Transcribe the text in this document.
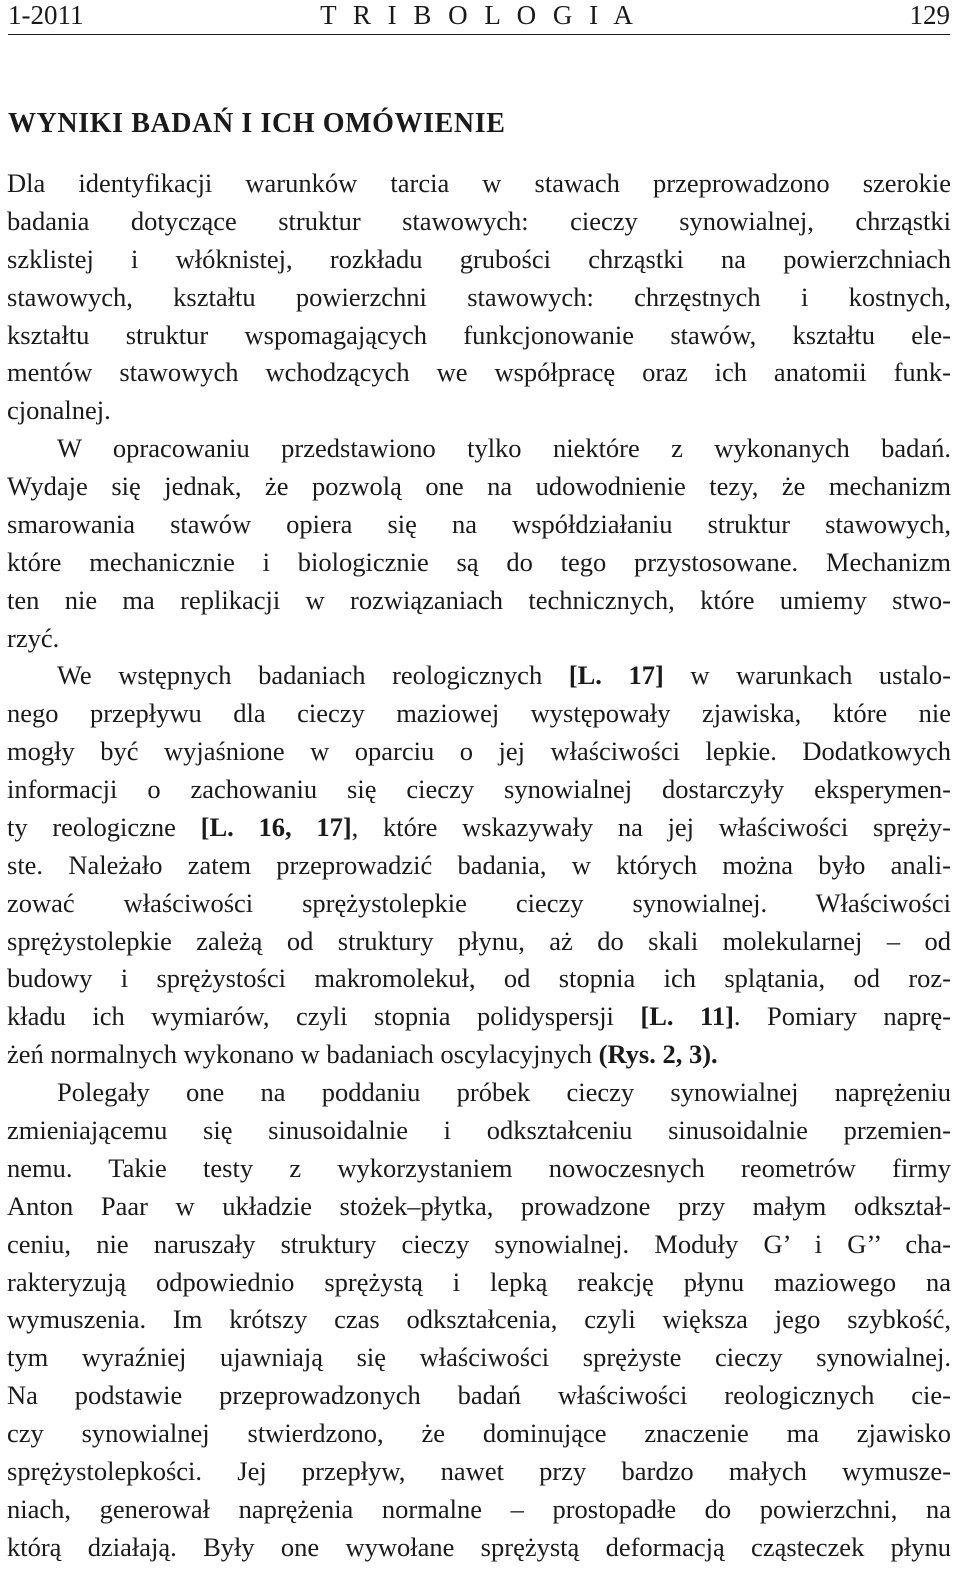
1-2011	T R I B O L O G I A	129
WYNIKI BADAŃ I ICH OMÓWIENIE
Dla identyfikacji warunków tarcia w stawach przeprowadzono szerokie
badania dotyczące struktur stawowych: cieczy synowialnej, chrząstki
szklistej i włóknistej, rozkładu grubości chrząstki na powierzchniach
stawowych, kształtu powierzchni stawowych: chrzęstnych i kostnych,
kształtu struktur wspomagających funkcjonowanie stawów, kształtu ele-
mentów stawowych wchodzących we współpracę oraz ich anatomii funk-
cjonalnej.
W opracowaniu przedstawiono tylko niektóre z wykonanych badań.
Wydaje się jednak, że pozwolą one na udowodnienie tezy, że mechanizm
smarowania stawów opiera się na współdziałaniu struktur stawowych,
które mechanicznie i biologicznie są do tego przystosowane. Mechanizm
ten nie ma replikacji w rozwiązaniach technicznych, które umiemy stwo-
rzyć.
We wstępnych badaniach reologicznych [L. 17] w warunkach ustalo-
nego przepływu dla cieczy maziowej występowały zjawiska, które nie
mogły być wyjaśnione w oparciu o jej właściwości lepkie. Dodatkowych
informacji o zachowaniu się cieczy synowialnej dostarczyły eksperymen-
ty reologiczne [L. 16, 17], które wskazywały na jej właściwości spręży-
ste. Należało zatem przeprowadzić badania, w których można było anali-
zować właściwości sprężystolepkie cieczy synowialnej. Właściwości
sprężystolepkie zależą od struktury płynu, aż do skali molekularnej – od
budowy i sprężystości makromolekuł, od stopnia ich splątania, od roz-
kładu ich wymiarów, czyli stopnia polidyspersji [L. 11]. Pomiary naprę-
żeń normalnych wykonano w badaniach oscylacyjnych (Rys. 2, 3).
Polegały one na poddaniu próbek cieczy synowialnej naprężeniu
zmieniającemu się sinusoidalnie i odkształceniu sinusoidalnie przemien-
nemu. Takie testy z wykorzystaniem nowoczesnych reometrów firmy
Anton Paar w układzie stożek–płytka, prowadzone przy małym odkształ-
ceniu, nie naruszały struktury cieczy synowialnej. Moduły G’ i G’’ cha-
rakteryzują odpowiednio sprężystą i lepką reakcję płynu maziowego na
wymuszenia. Im krótszy czas odkształcenia, czyli większa jego szybkość,
tym wyraźniej ujawniają się właściwości sprężyste cieczy synowialnej.
Na podstawie przeprowadzonych badań właściwości reologicznych cie-
czy synowialnej stwierdzono, że dominujące znaczenie ma zjawisko
sprężystolepkości. Jej przepływ, nawet przy bardzo małych wymusze-
niach, generował naprężenia normalne – prostopadłe do powierzchni, na
którą działają. Były one wywołane sprężystą deformacją cząsteczek płynu
